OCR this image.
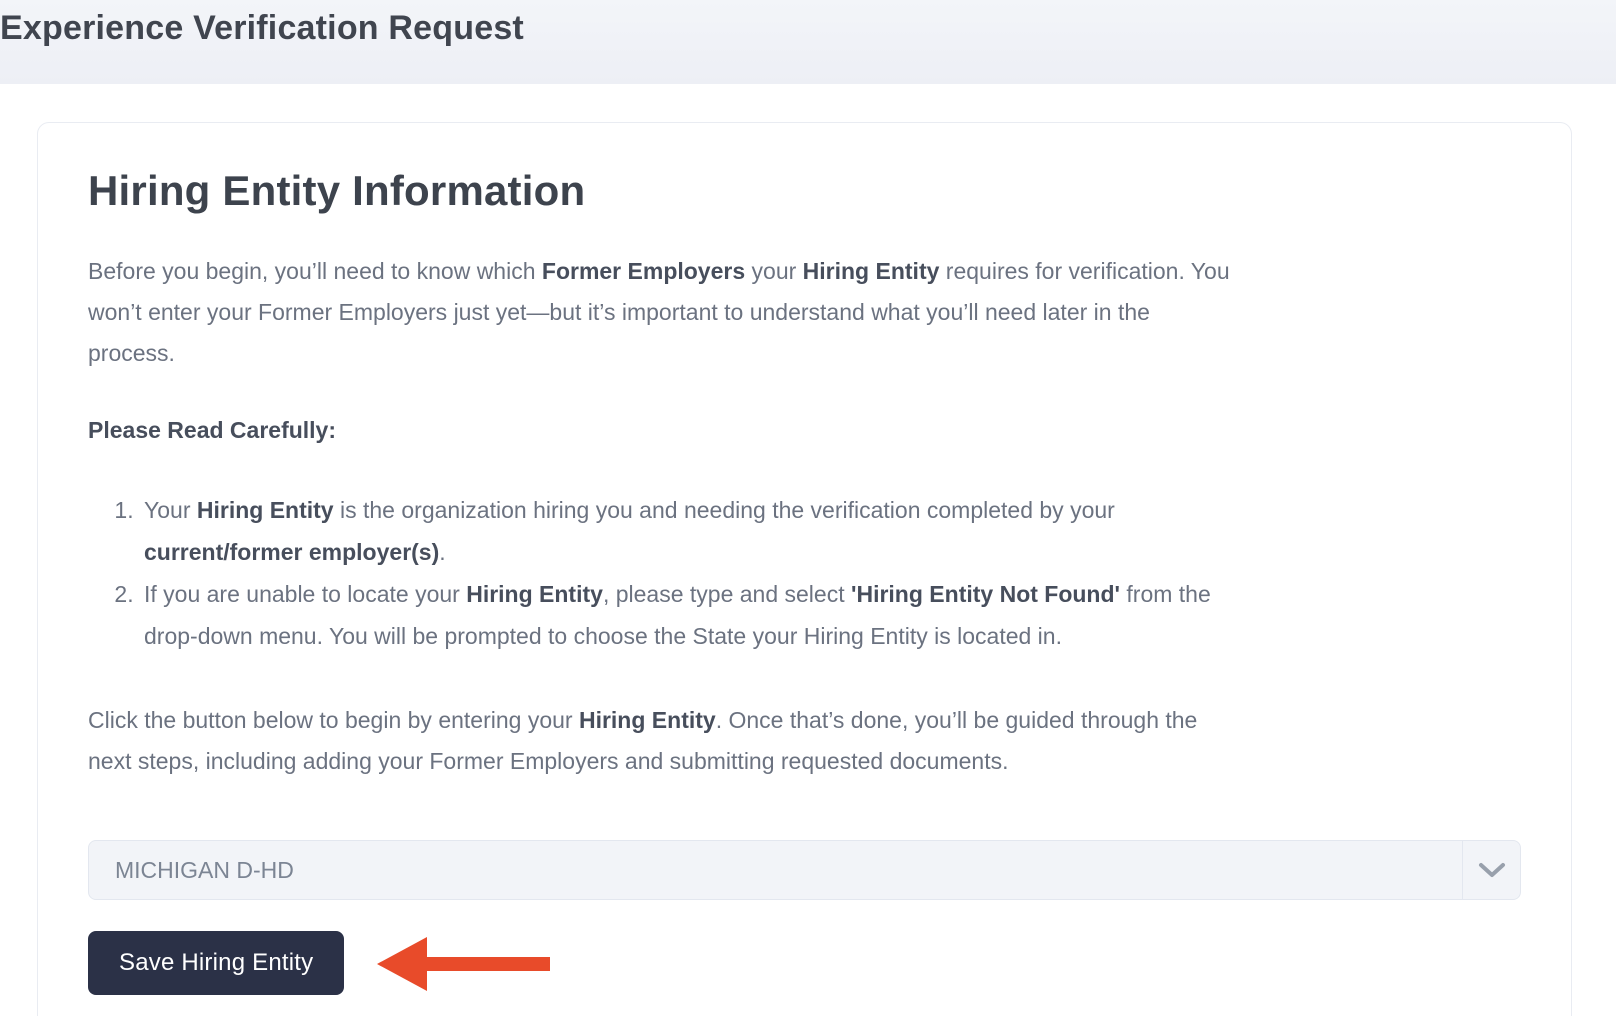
Experience Verification Request
Hiring Entity Information

Before you begin, you’ll need to know which Former Employers your Hiring Entity requires for verification. You
won’t enter your Former Employers just yet—but it’s important to understand what you’ll need later in the
process.

Please Read Carefully:

1. Your Hiring Entity is the organization hiring you and needing the verification completed by your
current/former employer(s).
2. If you are unable to locate your Hiring Entity, please type and select 'Hiring Entity Not Found' from the
drop-down menu. You will be prompted to choose the State your Hiring Entity is located in.

Click the button below to begin by entering your Hiring Entity. Once that’s done, you’ll be guided through the
next steps, including adding your Former Employers and submitting requested documents.

MICHIGAN D-HD
Save Hiring Entity
